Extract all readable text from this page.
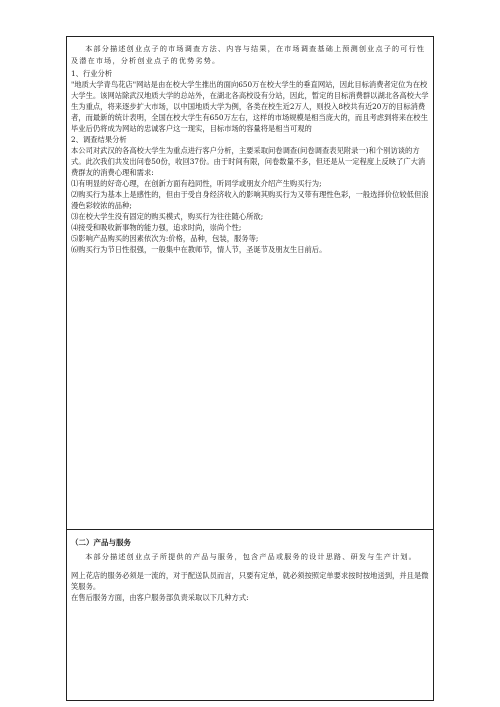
本部分描述创业点子的市场调查方法、内容与结果，在市场调查基础上预测创业点子的可行性及潜在市场，分析创业点子的优势劣势。

1、行业分析

"地质大学青鸟花店"网站是由在校大学生推出的面向650万在校大学生的垂直网站，因此目标消费者定位为在校大学生。该网站除武汉地质大学的总站外，在湖北各高校设有分站，因此，暂定的目标消费群以湖北各高校大学生为重点，将来逐步扩大市场，以中国地质大学为例，各类在校生近2万人，则投入8校共有近20万的目标消费者，而最新的统计表明，全国在校大学生有650万左右，这样的市场规模是相当庞大的，而且考虑到将来在校生毕业后仍将成为网站的忠诚客户这一现实，目标市场的容量将是相当可观的

2、调查结果分析

本公司对武汉的各高校大学生为重点进行客户分析，主要采取问卷调查(问卷调查表见附录一)和个别访谈的方式。此次我们共发出问卷50份，收回37份。由于时间有限，问卷数量不多，但还是从一定程度上反映了广大消费群友的消费心理和需求:

⑴有明显的好奇心理，在创新方面有趋同性，听同学或朋友介绍产生购买行为;

⑵购买行为基本上是感性的，但由于受自身经济收入的影响其购买行为又带有理性色彩，一般选择价位较低但浪漫色彩较浓的品种;

⑶在校大学生没有固定的购买模式，购买行为往往随心所欲;

⑷接受和吸收新事物的能力强，追求时尚，崇尚个性;

⑸影响产品购买的因素依次为:价格，品种，包装，服务等;

⑹购买行为节日性很强，一般集中在教师节，情人节，圣诞节及朋友生日前后。

（二）产品与服务

本部分描述创业点子所提供的产品与服务，包含产品或服务的设计思路、研发与生产计划。

网上花店的服务必须是一流的，对于配送队员而言，只要有定单，就必须按照定单要求按时按地送到，并且是微笑服务。

在售后服务方面，由客户服务部负责采取以下几种方式:
